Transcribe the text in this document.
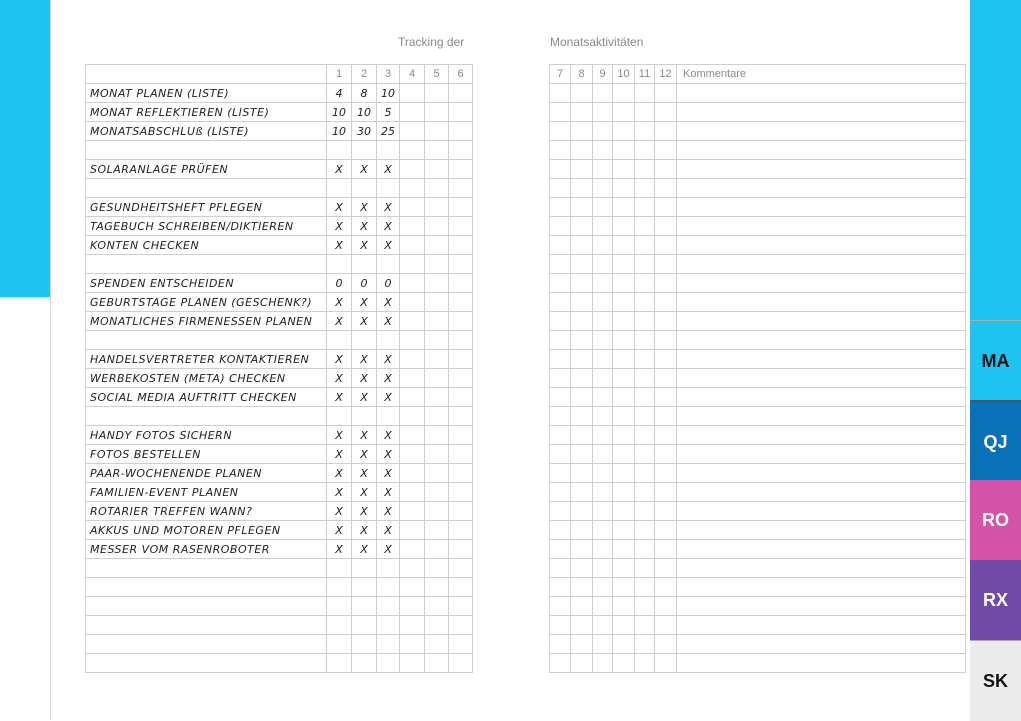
Tracking der	Monatsaktivitäten
	1	2	3	4	5	6
MONAT PLANEN (LISTE)	4	8	10			
MONAT REFLEKTIEREN (LISTE)	10	10	5			
MONATSABSCHLUß (LISTE)	10	30	25			

SOLARANLAGE PRÜFEN	X	X	X			

GESUNDHEITSHEFT PFLEGEN	X	X	X			
TAGEBUCH SCHREIBEN/DIKTIEREN	X	X	X			
KONTEN CHECKEN	X	X	X			

SPENDEN ENTSCHEIDEN	0	0	0			
GEBURTSTAGE PLANEN (GESCHENK?)	X	X	X			
MONATLICHES FIRMENESSEN PLANEN	X	X	X			

HANDELSVERTRETER KONTAKTIEREN	X	X	X			
WERBEKOSTEN (META) CHECKEN	X	X	X			
SOCIAL MEDIA AUFTRITT CHECKEN	X	X	X			

HANDY FOTOS SICHERN	X	X	X			
FOTOS BESTELLEN	X	X	X			
PAAR-WOCHENENDE PLANEN	X	X	X			
FAMILIEN-EVENT PLANEN	X	X	X			
ROTARIER TREFFEN WANN?	X	X	X			
AKKUS UND MOTOREN PFLEGEN	X	X	X			
MESSER VOM RASENROBOTER	X	X	X			

7	8	9	10	11	12	Kommentare

MA
QJ
RO
RX
SK
